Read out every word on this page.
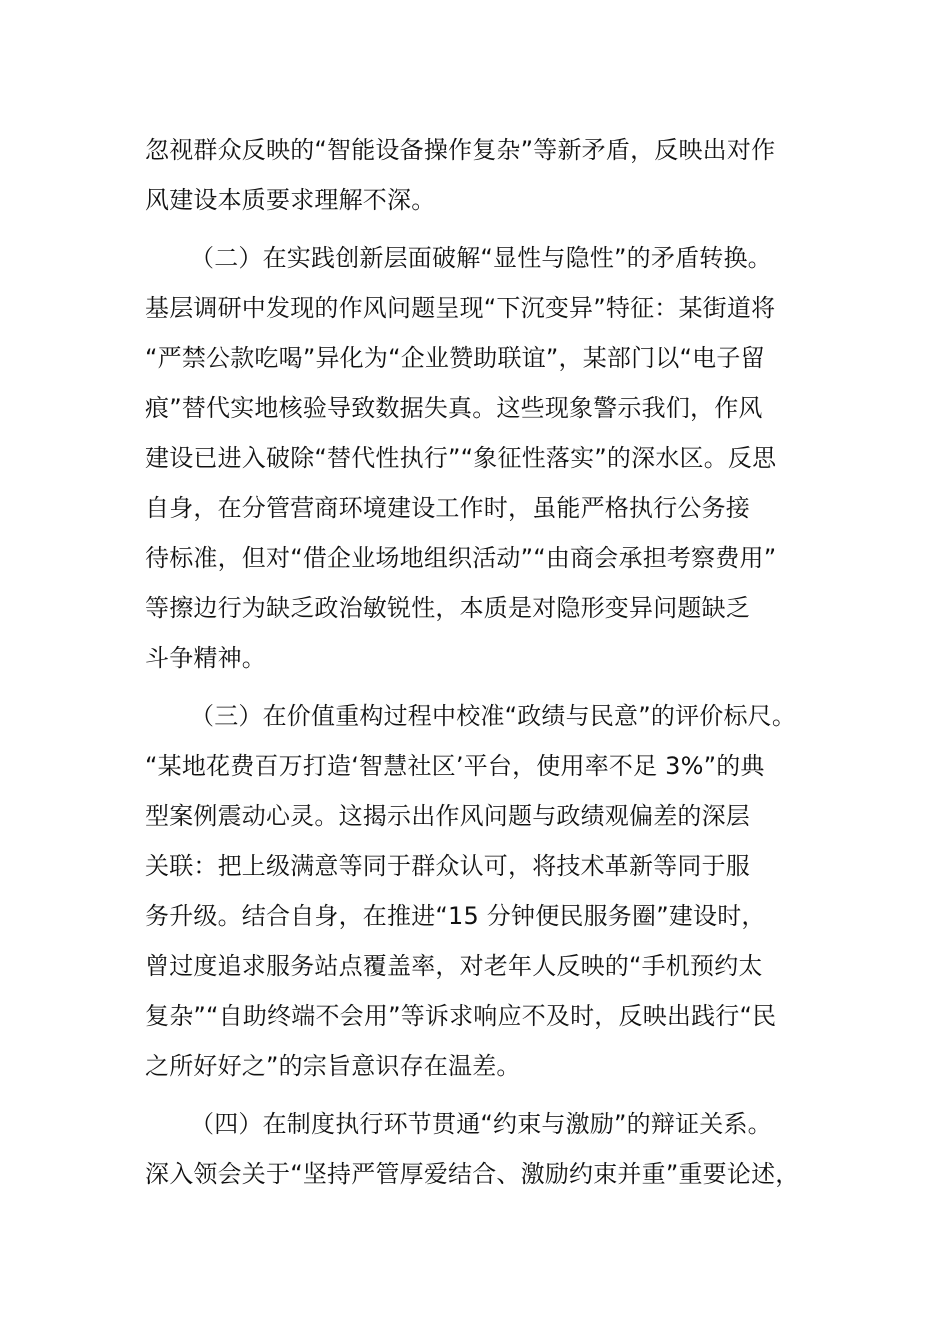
忽视群众反映的“智能设备操作复杂”等新矛盾，反映出对作

风建设本质要求理解不深。

（二）在实践创新层面破解“显性与隐性”的矛盾转换。

基层调研中发现的作风问题呈现“下沉变异”特征：某街道将

“严禁公款吃喝”异化为“企业赞助联谊”，某部门以“电子留

痕”替代实地核验导致数据失真。这些现象警示我们，作风

建设已进入破除“替代性执行”“象征性落实”的深水区。反思

自身，在分管营商环境建设工作时，虽能严格执行公务接

待标准，但对“借企业场地组织活动”“由商会承担考察费用”

等擦边行为缺乏政治敏锐性，本质是对隐形变异问题缺乏

斗争精神。

（三）在价值重构过程中校准“政绩与民意”的评价标尺。

“某地花费百万打造‘智慧社区’平台，使用率不足 3%”的典

型案例震动心灵。这揭示出作风问题与政绩观偏差的深层

关联：把上级满意等同于群众认可，将技术革新等同于服

务升级。结合自身，在推进“15 分钟便民服务圈”建设时，

曾过度追求服务站点覆盖率，对老年人反映的“手机预约太

复杂”“自助终端不会用”等诉求响应不及时，反映出践行“民

之所好好之”的宗旨意识存在温差。

（四）在制度执行环节贯通“约束与激励”的辩证关系。

深入领会关于“坚持严管厚爱结合、激励约束并重”重要论述，
